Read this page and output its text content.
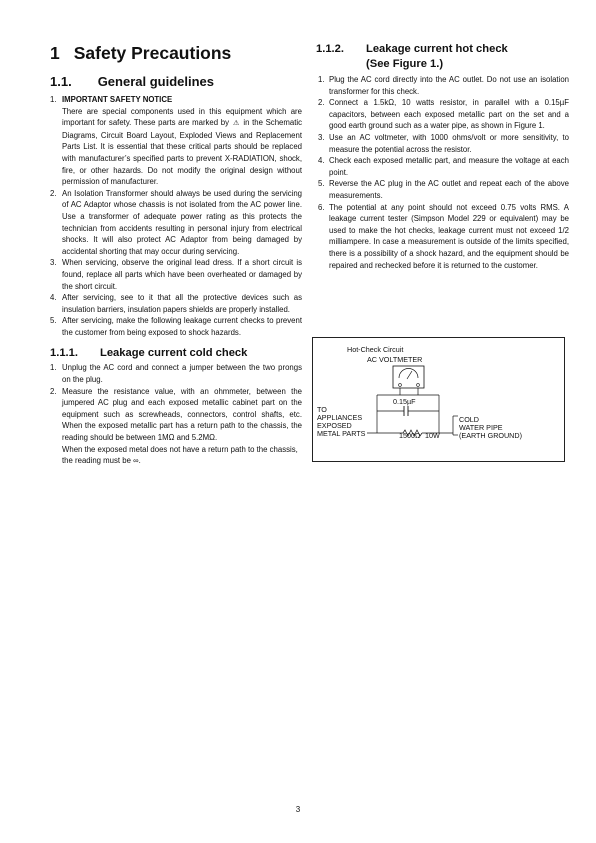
1 Safety Precautions
1.1. General guidelines
1. IMPORTANT SAFETY NOTICE
There are special components used in this equipment which are important for safety. These parts are marked by ⚠ in the Schematic Diagrams, Circuit Board Layout, Exploded Views and Replacement Parts List. It is essential that these critical parts should be replaced with manufacturer’s specified parts to prevent X-RADIATION, shock, fire, or other hazards. Do not modify the original design without permission of manufacturer.
2. An Isolation Transformer should always be used during the servicing of AC Adaptor whose chassis is not isolated from the AC power line. Use a transformer of adequate power rating as this protects the technician from accidents resulting in personal injury from electrical shocks. It will also protect AC Adaptor from being damaged by accidental shorting that may occur during servicing.
3. When servicing, observe the original lead dress. If a short circuit is found, replace all parts which have been overheated or damaged by the short circuit.
4. After servicing, see to it that all the protective devices such as insulation barriers, insulation papers shields are properly installed.
5. After servicing, make the following leakage current checks to prevent the customer from being exposed to shock hazards.
1.1.1. Leakage current cold check
1. Unplug the AC cord and connect a jumper between the two prongs on the plug.
2. Measure the resistance value, with an ohmmeter, between the jumpered AC plug and each exposed metallic cabinet part on the equipment such as screwheads, connectors, control shafts, etc. When the exposed metallic part has a return path to the chassis, the reading should be between 1MΩ and 5.2MΩ.
When the exposed metal does not have a return path to the chassis, the reading must be ∞.
1.1.2. Leakage current hot check
(See Figure 1.)
1. Plug the AC cord directly into the AC outlet. Do not use an isolation transformer for this check.
2. Connect a 1.5kΩ, 10 watts resistor, in parallel with a 0.15µF capacitors, between each exposed metallic part on the set and a good earth ground such as a water pipe, as shown in Figure 1.
3. Use an AC voltmeter, with 1000 ohms/volt or more sensitivity, to measure the potential across the resistor.
4. Check each exposed metallic part, and measure the voltage at each point.
5. Reverse the AC plug in the AC outlet and repeat each of the above measurements.
6. The potential at any point should not exceed 0.75 volts RMS. A leakage current tester (Simpson Model 229 or equivalent) may be used to make the hot checks, leakage current must not exceed 1/2 milliampere. In case a measurement is outside of the limits specified, there is a possibility of a shock hazard, and the equipment should be repaired and rechecked before it is returned to the customer.
Hot-Check Circuit
AC VOLTMETER
0.15µF
TO
APPLIANCES
EXPOSED
METAL PARTS	1500Ω 10W
COLD
WATER PIPE
(EARTH GROUND)
3
